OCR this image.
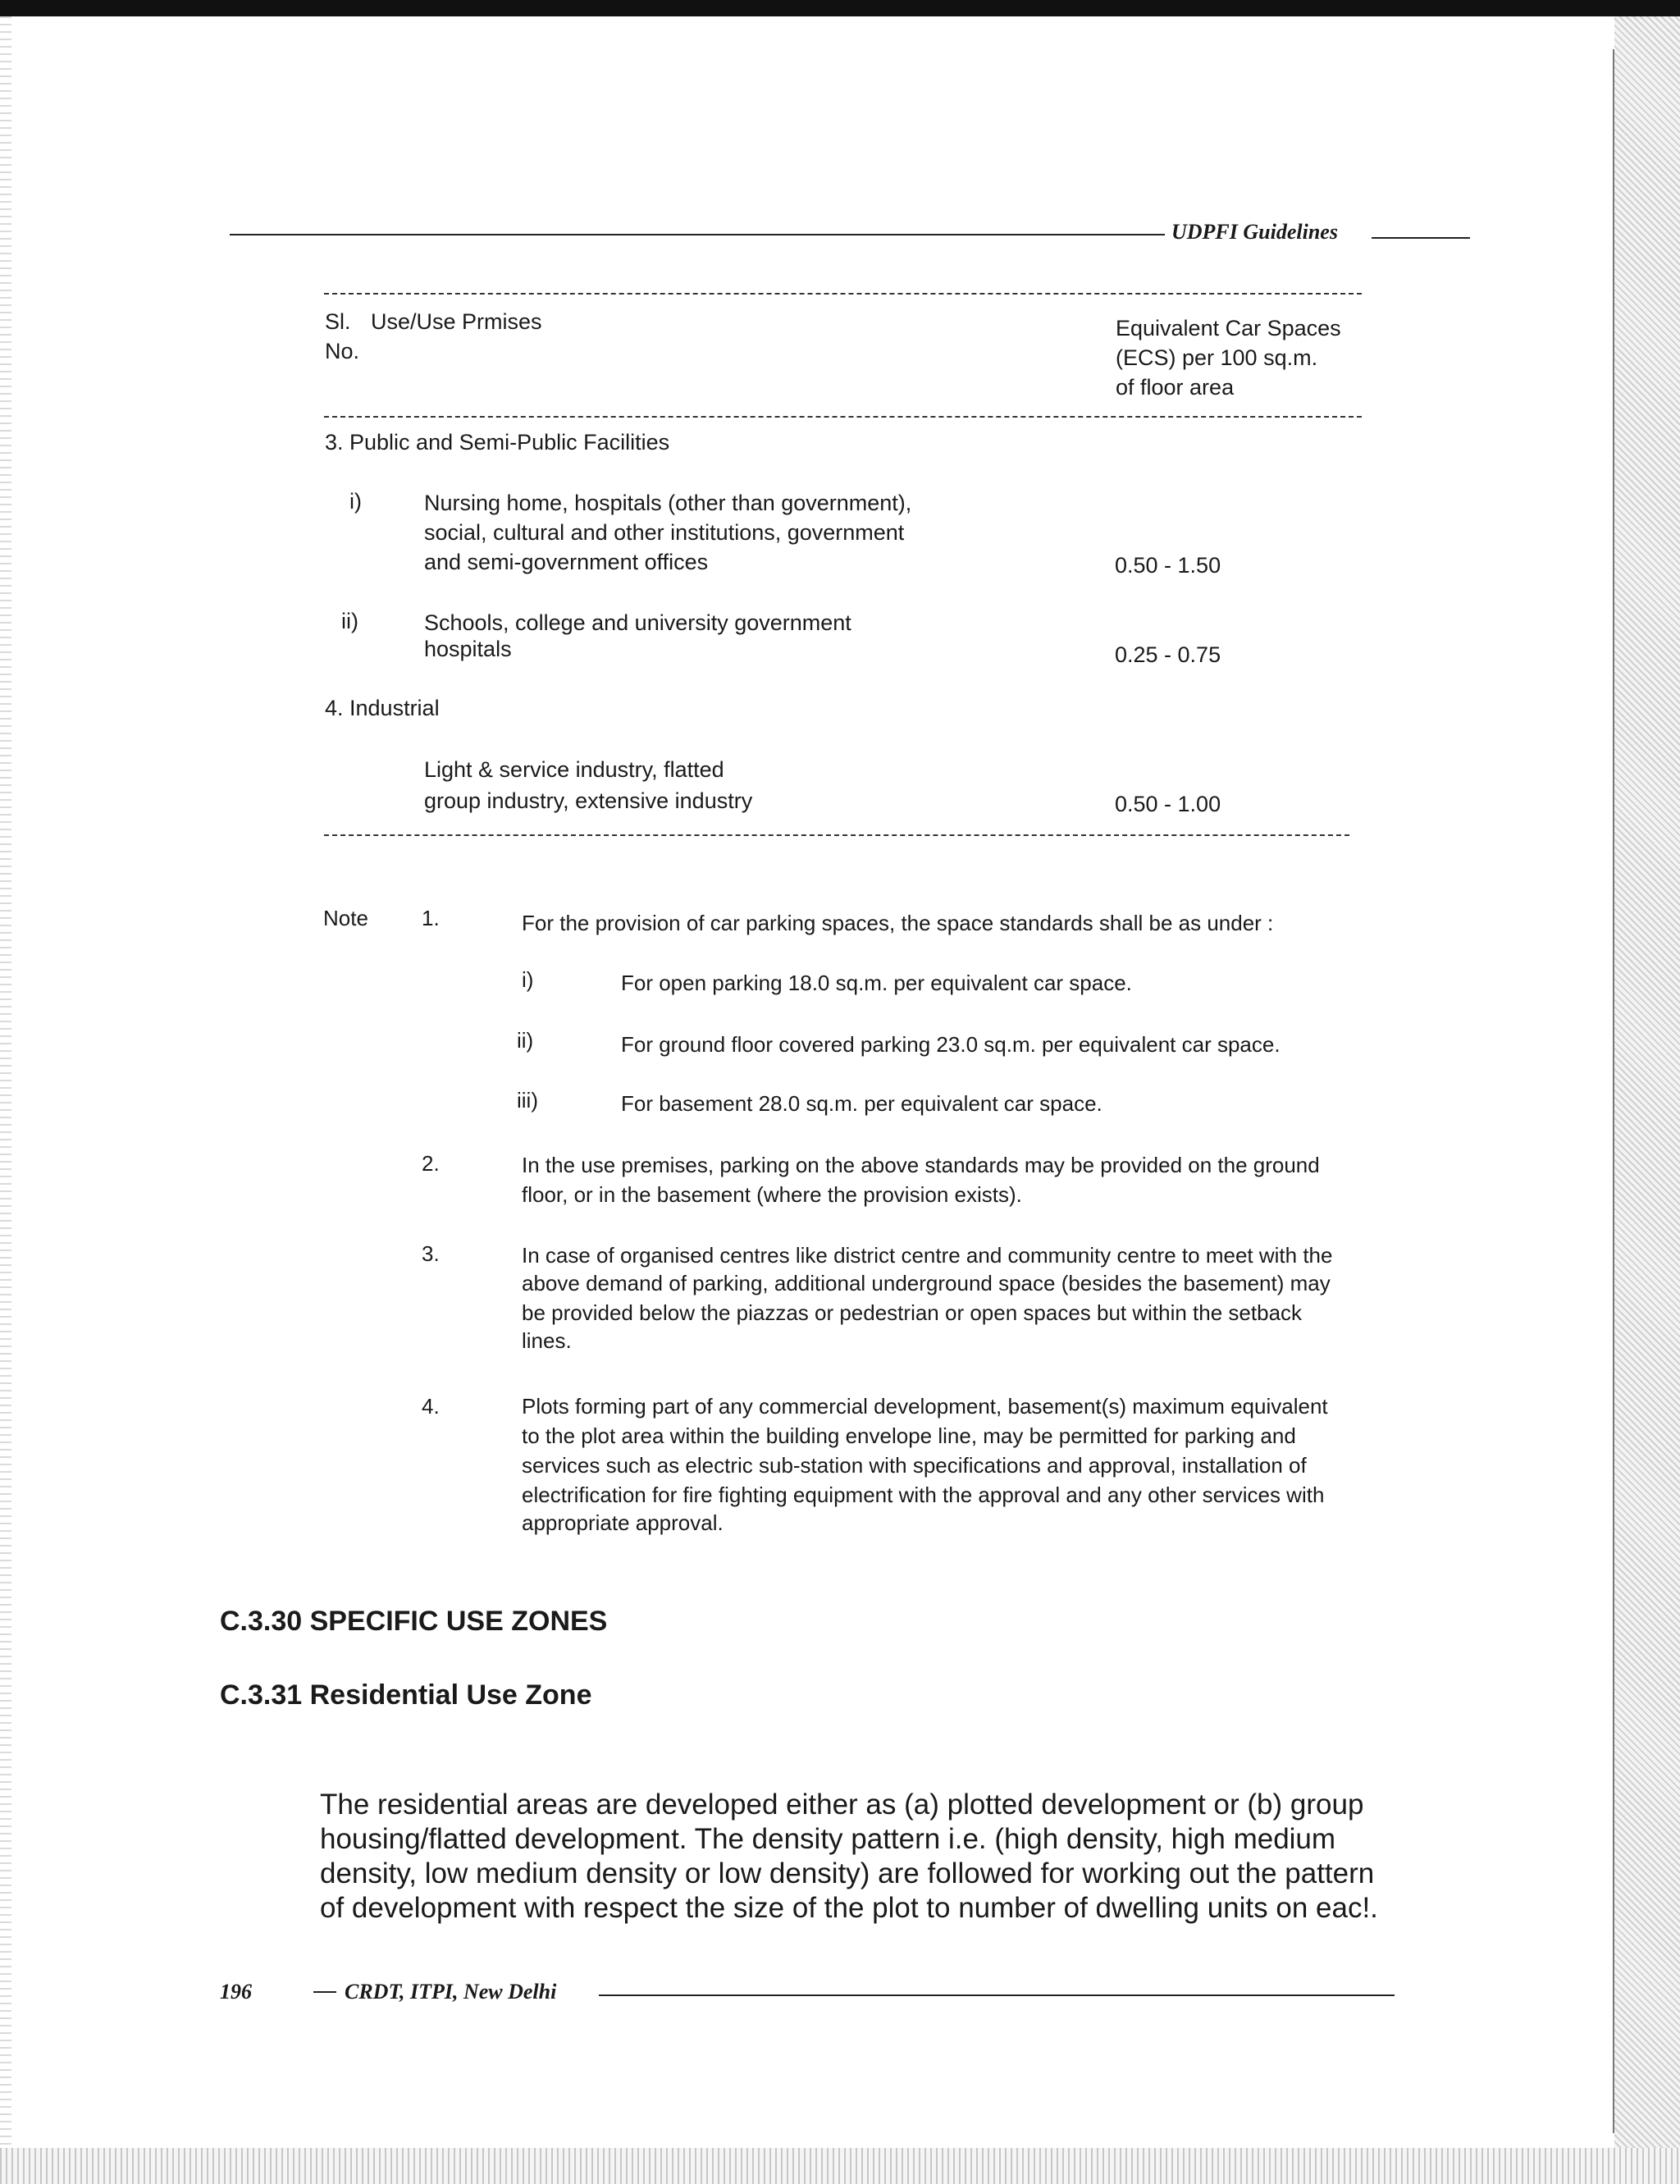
UDPFI Guidelines
Sl.
No.
Use/Use Prmises	Equivalent Car Spaces
(ECS) per 100 sq.m.
of floor area
3. Public and Semi-Public Facilities
i)	Nursing home, hospitals (other than government),
social, cultural and other institutions, government
and semi-government offices	0.50 - 1.50
ii)	Schools, college and university government
hospitals	0.25 - 0.75
4. Industrial
Light & service industry, flatted
group industry, extensive industry	0.50 - 1.00
Note	1.	For the provision of car parking spaces, the space standards shall be as under :
i)	For open parking 18.0 sq.m. per equivalent car space.
ii)	For ground floor covered parking 23.0 sq.m. per equivalent car space.
iii)	For basement 28.0 sq.m. per equivalent car space.
2.	In the use premises, parking on the above standards may be provided on the ground
floor, or in the basement (where the provision exists).
3.	In case of organised centres like district centre and community centre to meet with the
above demand of parking, additional underground space (besides the basement) may
be provided below the piazzas or pedestrian or open spaces but within the setback
lines.
4.	Plots forming part of any commercial development, basement(s) maximum equivalent
to the plot area within the building envelope line, may be permitted for parking and
services such as electric sub-station with specifications and approval, installation of
electrification for fire fighting equipment with the approval and any other services with
appropriate approval.
C.3.30 SPECIFIC USE ZONES
C.3.31 Residential Use Zone
The residential areas are developed either as (a) plotted development or (b) group
housing/flatted development. The density pattern i.e. (high density, high medium
density, low medium density or low density) are followed for working out the pattern
of development with respect the size of the plot to number of dwelling units on eac!.
196	CRDT, ITPI, New Delhi
